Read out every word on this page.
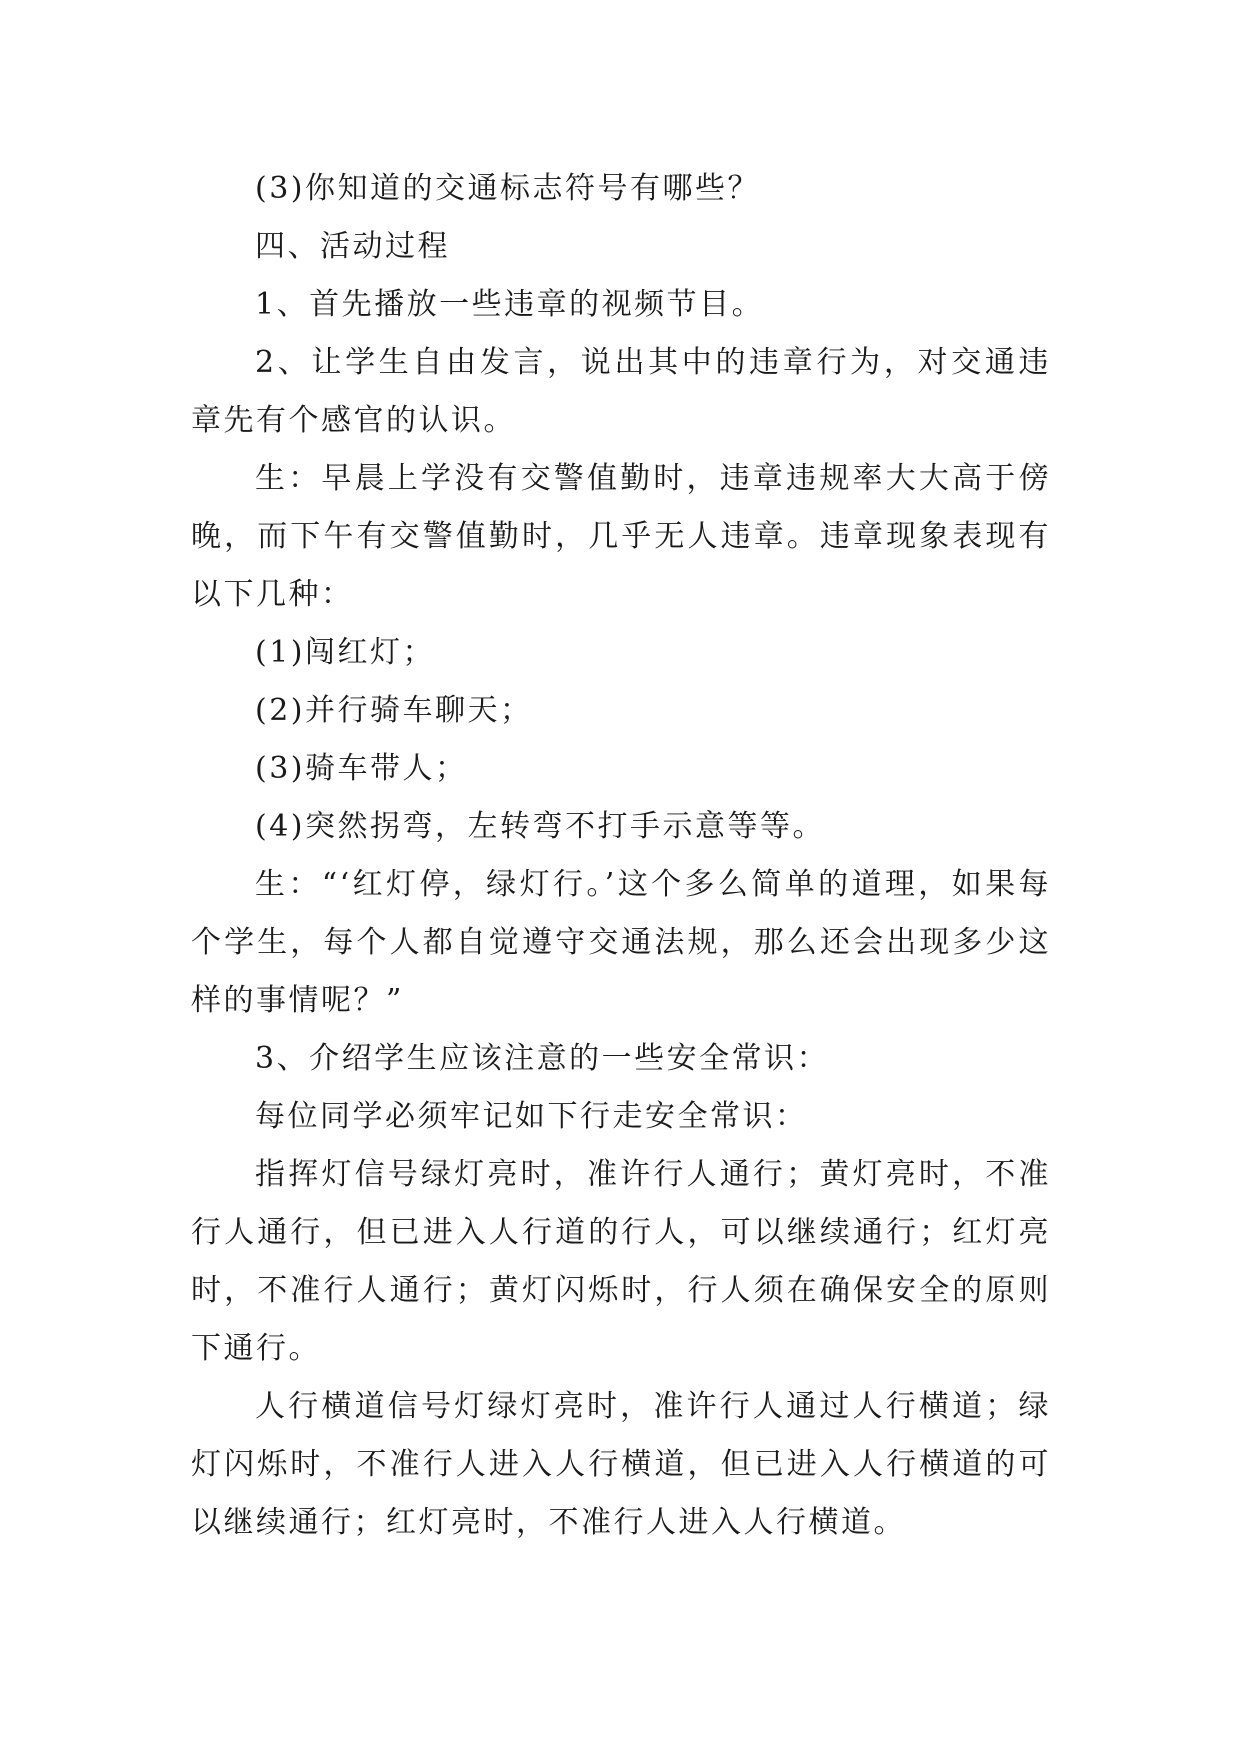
(3)你知道的交通标志符号有哪些？

四、活动过程

1、首先播放一些违章的视频节目。

2、让学生自由发言，说出其中的违章行为，对交通违章先有个感官的认识。

生：早晨上学没有交警值勤时，违章违规率大大高于傍晚，而下午有交警值勤时，几乎无人违章。违章现象表现有以下几种：

(1)闯红灯；

(2)并行骑车聊天；

(3)骑车带人；

(4)突然拐弯，左转弯不打手示意等等。

生：“‘红灯停，绿灯行。’这个多么简单的道理，如果每个学生，每个人都自觉遵守交通法规，那么还会出现多少这样的事情呢？”

3、介绍学生应该注意的一些安全常识：

每位同学必须牢记如下行走安全常识：

指挥灯信号绿灯亮时，准许行人通行；黄灯亮时，不准行人通行，但已进入人行道的行人，可以继续通行；红灯亮时，不准行人通行；黄灯闪烁时，行人须在确保安全的原则下通行。

人行横道信号灯绿灯亮时，准许行人通过人行横道；绿灯闪烁时，不准行人进入人行横道，但已进入人行横道的可以继续通行；红灯亮时，不准行人进入人行横道。
